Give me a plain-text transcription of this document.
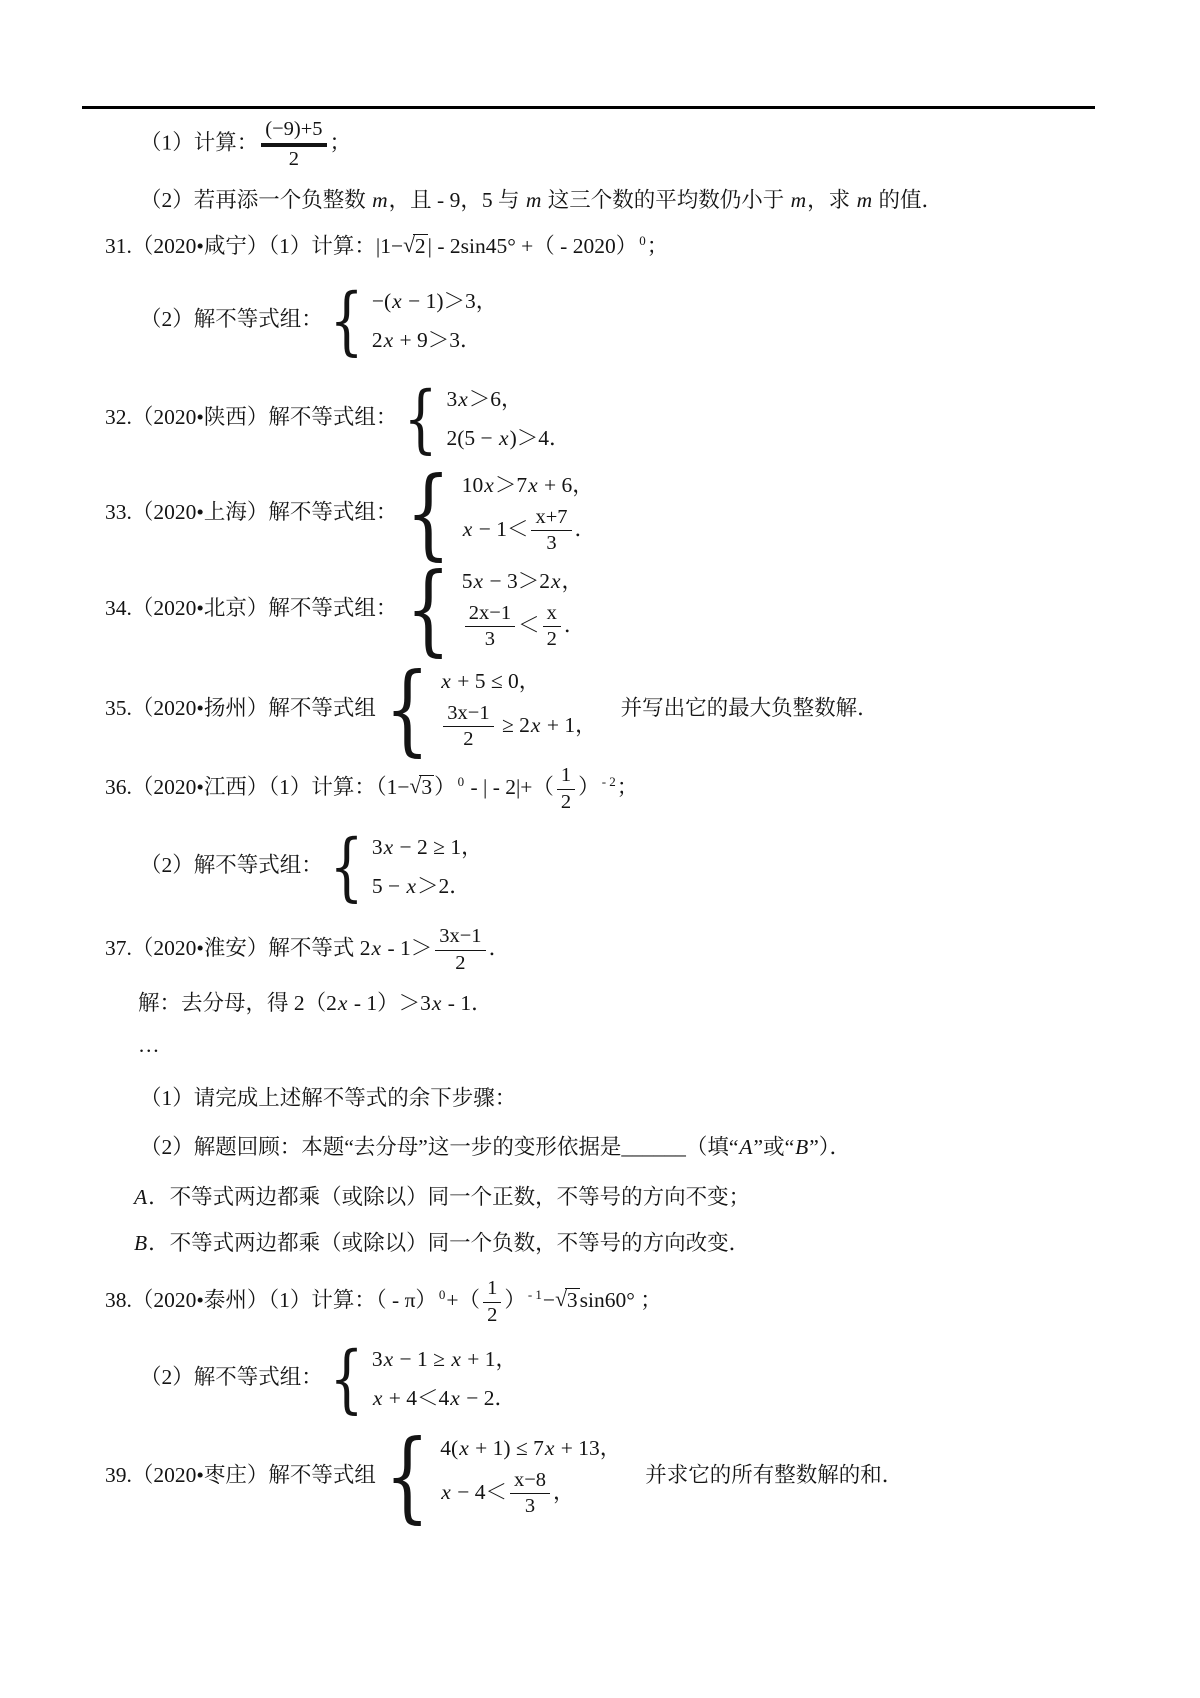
（1）计算： $\frac{(-9)+5}{2}$ ；
（2）若再添一个负整数 m，且 - 9，5 与 m 这三个数的平均数仍小于 m，求 m 的值．
31.（2020•咸宁）（1）计算：|1−√2| - 2sin45° +（ - 2020） $^0$；
（2）解不等式组： { −(x − 1)＞3，
2x + 9＞3．
32.（2020•陕西）解不等式组： { 3x＞6，
2(5 − x)＞4．
33.（2020•上海）解不等式组： { 10x＞7x + 6，
$x - 1< \frac{x+7}{3}$ ．
34.（2020•北京）解不等式组： { 5x − 3＞2x，
$\frac{2x-1}{3} < \frac{x}{2}$ ．
35.（2020•扬州）解不等式组 { x + 5 ≤ 0，
$\frac{3x-1}{2} \ge 2x + 1$，
并写出它的最大负整数解．
36.（2020•江西）（1）计算：（1−√3） $^0$ - | - $2|+( \frac{1}{2}$ ） $^{- 2}$；
（2）解不等式组： { 3x − 2 ≥ 1，
5 − x＞2．
37.（2020•淮安）解不等式 $2x - 1> \frac{3x-1}{2}$ ．
解：去分母，得 2（2x - 1）＞3x - 1．
…
（1）请完成上述解不等式的余下步骤：
（2）解题回顾：本题“去分母”这一步的变形依据是______（填“A”或“B”）．
A．不等式两边都乘（或除以）同一个正数，不等号的方向不变；
B．不等式两边都乘（或除以）同一个负数，不等号的方向改变．
38.（2020•泰州）（1）计算：（ - π） $^0+( \frac{1}{2}$ ） $^{- 1}$−√3sin60° ；
（2）解不等式组： { 3x − 1 ≥ x + 1，
x + 4＜4x − 2．
39.（2020•枣庄）解不等式组 { 4(x + 1) ≤ 7x + 13，
$x - 4< \frac{x-8}{3}$ ，
并求它的所有整数解的和．
